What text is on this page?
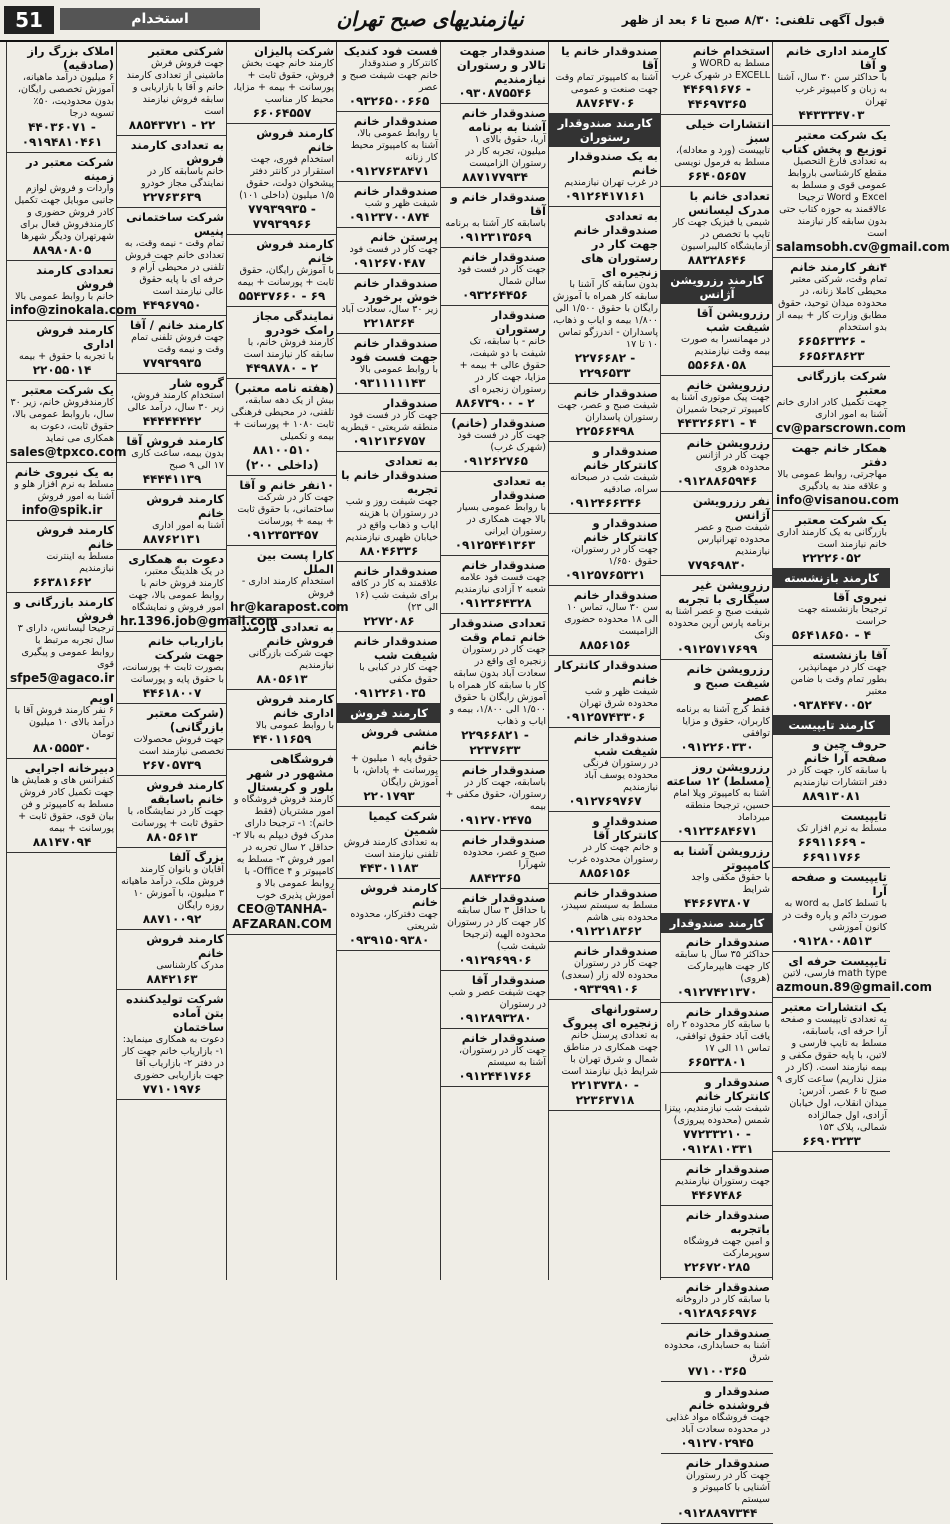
قبول آگهی تلفنی: ۸/۳۰ صبح تا ۶ بعد از ظهر
نیازمندیهای صبح تهران
استخدام
51
کارمند اداری خانم و آقا
با حداکثر سن ۳۰ سال، آشنا به زبان و کامپیوتر غرب تهران
۴۴۳۳۳۴۷۰۳
یک شرکت معتبر توزیع و پخش کتاب
به تعدادی فارغ التحصیل مقطع کارشناسی باروابط عمومی قوی و مسلط به Excel و Word ترجیحا عالاقمند به حوزه کتاب حتی بدون سابقه کار نیازمند است
salamsobh.cv@gmail.com
۴نفر کارمند خانم
تمام وقت، شرکتی معتبر محیطی کاملا زنانه، در محدوده میدان توحید، حقوق مطابق وزارت کار + بیمه از بدو استخدام
۶۶۵۶۳۳۲۶ - ۶۶۵۶۳۸۶۲۳
شرکت بازرگانی معتبر
جهت تکمیل کادر اداری خانم آشنا به امور اداری
cv@parscrown.com
همکار خانم جهت دفتر
مهاجرتی، روابط عمومی بالا و علاقه مند به یادگیری
info@visanou.com
یک شرکت معتبر
بازرگانی به یک کارمند اداری خانم نیازمند است
۲۲۲۲۶۰۵۲
کارمند بازنشسته
نیروی آقا
ترجیحا بازنشسته جهت حراست
۵۶۴۱۸۶۵۰ - ۴
آقا بازنشسته
جهت کار در مهمانپذیر، بطور تمام وقت با ضامن معتبر
۰۹۳۸۴۴۷۰۰۵۲
کارمند تایپیست
حروف چین و صفحه آرا خانم
با سابقه کار، جهت کار در دفتر انتشارات نیازمندیم
۸۸۹۱۳۰۸۱
تایپیست
مسلط به نرم افزار تک
۶۶۹۱۱۶۶۹ - ۶۶۹۱۱۷۶۶
تایپیست و صفحه آرا
با تسلط کامل به word به صورت دائم و پاره وقت در کانون آموزشی
۰۹۱۲۸۰۰۸۵۱۳
تایپیست حرفه ای
math type فارسی، لاتین
azmoun.89@gmail.com
یک انتشارات معتبر
به تعدادی تایپیست و صفحه آرا حرفه ای، باسابقه، مسلط به تایپ فارسی و لاتین، با پایه حقوق مکفی و بیمه نیازمند است. (کار در منزل نداریم) ساعت کاری ۹ صبح تا ۶ عصر. آدرس: میدان انقلاب، اول خیابان آزادی، اول جمالزاده شمالی، پلاک ۱۵۳
۶۶۹۰۳۲۳۳
استخدام خانم
مسلط به WORD و EXCELL در شهرک غرب
۴۴۶۹۱۶۷۶ - ۴۴۶۹۷۳۶۵
انتشارات خیلی سبز
تایپیست (ورد و معادله)، مسلط به فرمول نویسی
۶۶۴۰۵۶۵۷
تعدادی خانم با مدرک لیسانس
شیمی یا فیزیک جهت کار تایپ با تخصص در آزمایشگاه کالیبراسیون
۸۸۳۲۸۶۴۶
کارمند رزرویشن آژانس
رزرویشن آقا شیفت شب
در مهمانسرا به صورت بیمه وقت نیازمندیم
۵۵۶۶۸۰۵۸
رزرویشن خانم
جهت پیک موتوری آشنا به کامپیوتر ترجیحا شمیران
۴۴۳۲۶۶۳۱ - ۴
رزرویشن خانم
جهت کار در آژانس محدوده هروی
۰۹۱۲۸۸۶۵۹۴۶
نفر رزرویشن آژانس
شیفت صبح و عصر محدوده تهرانپارس نیازمندیم
۷۷۹۶۹۸۳۰
رزرویشن غیر سیگاری با تجربه
شیفت صبح و عصر آشنا به برنامه پارس آرین محدوده ونک
۰۹۱۲۵۷۱۷۶۹۹
رزرویشن خانم شیفت صبح و عصر
فقط کرج آشنا به برنامه کاربران، حقوق و مزایا توافقی
۰۹۱۲۲۶۰۳۳۰
رزرویشن روز (مسلط) ۱۲ ساعته
آشنا به کامپیوتر ویلا امام حسین، ترجیحا منطقه میرداماد
۰۹۱۲۳۶۸۴۶۷۱
رزرویشن آشنا به کامپیوتر
با حقوق مکفی واجد شرایط
۴۴۶۶۷۳۸۰۷
کارمند صندوقدار
صندوقدار خانم
حداکثر ۳۵ سال با سابقه کار جهت هایپرمارکت (هروی)
۰۹۱۲۷۴۲۱۳۷۰
صندوقدار خانم
با سابقه کار محدوده ۲ راه یافت آباد حقوق توافقی، تماس ۱۱ الی ۱۷
۶۶۵۳۳۸۰۱
صندوقدار و کانترکار خانم
شیفت شب نیازمندیم، پیتزا شمس (محدوده پیروزی)
۷۷۲۳۳۲۱۰ - ۰۹۱۲۸۱۰۳۳۱
صندوقدار خانم
جهت رستوران نیازمندیم
۴۴۶۷۴۸۶
صندوقدار خانم باتجربه
و امین جهت فروشگاه سوپرمارکت
۲۲۶۷۲۰۲۸۵
صندوقدار خانم
با سابقه کار در داروخانه
۰۹۱۲۸۹۶۶۹۷۶
صندوقدار خانم
آشنا به حسابداری، محدوده شرق
۷۷۱۰۰۳۶۵
صندوقدار و فروشنده خانم
جهت فروشگاه مواد غذایی در محدوده سعادت آباد
۰۹۱۲۷۰۲۹۴۵
صندوقدار خانم
جهت کار در رستوران آشنایی با کامپیوتر و سیستم
۰۹۱۲۸۸۹۷۳۴۴
صندوقدار خانم یا آقا
آشنا به کامپیوتر تمام وقت جهت صنعت و عمومی
۸۸۷۶۴۷۰۶
کارمند صندوقدار رستوران
به یک صندوقدار خانم
در غرب تهران نیازمندیم
۰۹۱۲۶۴۱۷۱۶۱
به تعدادی صندوقدار خانم جهت کار در رستوران های زنجیره ای
بدون سابقه کار آشنا با سابقه کار همراه با آموزش رایگان با حقوق ۱/۵۰۰ الی ۱/۸۰۰ بیمه و ایاب و ذهاب، پاسداران - اندرزگو تماس ۱۰ تا ۱۷
۲۲۷۶۶۸۲ - ۲۲۹۶۵۳۳
صندوقدار خانم
شیفت صبح و عصر، جهت رستوران پاسداران
۲۲۵۶۶۴۹۸
صندوقدار و کانترکار خانم
شیفت شب در صبحانه سراه، صادقیه
۰۹۱۲۴۶۶۳۴۶
صندوقدار و کانترکار خانم
جهت کار در رستوران، حقوق ۱/۶۵۰
۰۹۱۲۵۷۶۵۳۲۱
صندوقدار خانم
سن ۳۰ سال، تماس ۱۰ الی ۱۸ محدوده حضوری الزامیست
۸۸۵۶۱۵۶
صندوقدار کانترکار خانم
شیفت ظهر و شب محدوده شرق تهران
۰۹۱۲۵۷۴۳۳۰۶
صندوقدار خانم شیفت شب
در رستوران فرنگی محدوده یوسف آباد نیازمندیم
۰۹۱۲۷۶۹۷۶۷
صندوقدار و کانترکار آقا
و خانم جهت کار در رستوران محدوده غرب
۸۸۵۶۱۵۶
صندوقدار خانم
مسلط به سیستم سپیدز، محدوده بنی هاشم
۰۹۱۲۲۱۸۳۶۲
صندوقدار خانم
جهت کار در رستوران محدوده لاله زار (سعدی)
۰۹۳۳۹۹۱۰۶
رستورانهای زنجیره ای پیروگ
به تعدادی پرسنل خانم جهت همکاری در مناطق شمال و شرق تهران با شرایط ذیل نیازمند است
۲۲۱۳۷۳۸۰ - ۲۲۳۶۳۷۱۸
صندوقدار جهت تالار و رستوران نیازمندیم
۰۹۳۰۸۷۵۵۴۶
صندوقدار خانم آشنا به برنامه
آریا، حقوق بالای ۱ میلیون، تجربه کار در رستوران الزامیست
۸۸۷۱۷۷۹۳۴
صندوقدار خانم و آقا
باسابقه کار آشنا به برنامه
۰۹۱۲۳۱۳۵۶۹
صندوقدار خانم
جهت کار در فست فود سالن شمال
۰۹۳۲۶۴۴۵۶
صندوقدار رستوران
خانم - با سابقه، تک شیفت با دو شیفت، حقوق عالی + بیمه + مزایا، جهت کار در رستوران زنجیره ای
۸۸۶۷۳۹۰۰ - ۲
صندوقدار (خانم)
جهت کار در فست فود (شهرک غرب)
۰۹۱۲۶۲۷۶۵
به تعدادی صندوقدار
با روابط عمومی بسیار بالا جهت همکاری در رستوران ایرانی
۰۹۱۲۵۴۴۱۳۶۳
صندوقدار خانم
جهت فست فود علامه شعبه ۲ آزادی نیازمندیم
۰۹۱۲۳۶۴۳۲۸
تعدادی صندوقدار خانم تمام وقت
جهت کار در رستوران زنجیره ای واقع در سعادت آباد بدون سابقه کار با سابقه کار همراه با آموزش رایگان با حقوق ۱/۵۰۰ الی ۱/۸۰۰، بیمه و ایاب و ذهاب
۲۲۹۶۶۸۲۱ - ۲۲۳۷۶۳۳
صندوقدار خانم
باسابقه، جهت کار در رستوران، حقوق مکفی + بیمه
۰۹۱۲۷۰۲۴۷۵
صندوقدار خانم
صبح و عصر، محدوده شهرآرا
۸۸۴۲۳۶۵
صندوقدار خانم
با حداقل ۳ سال سابقه کار جهت کار در رستوران محدوده الهیه (ترجیحا شیفت شب)
۰۹۱۲۹۶۹۹۰۶
صندوقدار آقا
جهت شیفت عصر و شب در رستوران
۰۹۱۲۸۹۳۲۸۰
صندوقدار خانم
جهت کار در رستوران، آشنا به سیستم
۰۹۱۲۴۴۱۷۶۶
فست فود کندیک
کانترکار و صندوقدار خانم جهت شیفت صبح و عصر
۰۹۳۲۶۵۰۰۶۶۵
صندوقدار خانم
با روابط عمومی بالا، آشنا به کامپیوتر محیط کار زنانه
۰۹۱۲۷۶۳۸۴۷۱
صندوقدار خانم
شیفت ظهر و شب
۰۹۱۲۳۷۰۰۸۷۴
پرستن خانم
جهت کار در فست فود
۰۹۱۲۶۷۰۴۸۷
صندوقدار خانم خوش برخورد
زیر ۳۰ سال، سعادت آباد
۲۲۱۸۳۶۴
صندوقدار خانم جهت فست فود
با روابط عمومی بالا
۰۹۳۱۱۱۱۱۴۳
صندوقدار
جهت کار در فست فود منطقه شریعتی - قیطریه
۰۹۱۲۱۳۶۷۵۷
به تعدادی صندوقدار خانم با تجربه
جهت شیفت روز و شب در رستوران با هزینه ایاب و ذهاب واقع در خیابان ظهیری نیازمندیم
۸۸۰۴۶۳۳۶
صندوقدار خانم
علاقمند به کار در کافه برای شیفت شب (۱۶ الی ۲۳)
۲۲۷۲۰۸۶
صندوقدار خانم شیفت شب
جهت کار در کبابی با حقوق مکفی
۰۹۱۲۲۶۱۰۳۵
کارمند فروش
منشی فروش خانم
حقوق پایه ۱ میلیون + پورسانت + پاداش، با آموزش رایگان
۲۲۰۱۷۹۳
شرکت کیمیا شمین
به تعدادی کارمند فروش تلفنی نیازمند است
۴۴۳۰۱۱۸۳
کارمند فروش خانم
جهت دفترکار، محدوده شریعتی
۰۹۳۹۱۵۰۹۳۸۰
شرکت پالیزان
کارمند خانم جهت بخش فروش، حقوق ثابت + پورسانت + بیمه + مزایا، محیط کار مناسب
۶۶۰۶۴۵۵۷
کارمند فروش خانم
استخدام فوری، جهت استقرار در کانتر دفتر پیشخوان دولت، حقوق ۱/۵ میلیون (داخلی ۱۰۱)
۷۷۹۳۹۹۳۵ - ۷۷۹۳۹۹۶۶
کارمند فروش خانم
با آموزش رایگان، حقوق ثابت + پورسانت + بیمه
۵۵۴۳۷۶۶۰ - ۶۹
نمایندگی مجاز رامک خودرو
کارمند فروش خانم، با سابقه کار نیازمند است
۴۴۹۸۷۸۰ - ۲
(هفته نامه معتبر)
بیش از یک دهه سابقه، تلفنی، در محیطی فرهنگی ثابت ۱۰۸۰ + پورسانت + بیمه و تکمیلی
۸۸۱۰۰۵۱۰ (داخلی ۲۰۰)
۱۰نفر خانم و آقا
جهت کار در شرکت ساختمانی، با حقوق ثابت + بیمه + پورسانت
۰۹۱۲۳۵۳۴۵۷
کارا پست بین الملل
استخدام کارمند اداری - فروش
hr@karapost.com
به تعدادی کارمند فروش خانم
جهت شرکت بازرگانی نیازمندیم
۸۸۰۵۶۱۳
کارمند فروش اداری خانم
با روابط عمومی بالا
۴۴۰۱۱۶۵۹
فروشگاهی مشهور در شهر بلور و کریستال
کارمند فروش فروشگاه و امور مشتریان (فقط خانم): ۱- ترجیحا دارای مدرک فوق دیپلم به بالا ۲- حداقل ۲ سال تجربه در امور فروش ۳- مسلط به کامپیوتر و Office ۴- با روابط عمومی بالا و آموزش پذیری خوب
CEO@TANHA-AFZARAN.COM
شرکتی معتبر
جهت فروش فرش ماشینی از تعدادی کارمند خانم و آقا با بازاریابی و سابقه فروش نیازمند است
۸۸۵۴۳۷۲۱ - ۲۲
به تعدادی کارمند فروش
خانم باسابقه کار در نمایندگی مجاز خودرو
۲۲۷۶۳۶۳۹
شرکت ساختمانی پنیس
تمام وقت - نیمه وقت، به تعدادی خانم جهت فروش تلفنی در محیطی آرام و حرفه ای با پایه حقوق عالی نیازمند است
۴۴۹۶۷۹۵۰
کارمند خانم / آقا
جهت فروش تلفنی تمام وقت و نیمه وقت
۷۷۹۳۹۹۳۵
گروه شار
استخدام کارمند فروش، زیر ۳۰ سال، درآمد عالی
۴۴۴۴۴۴۴۲
کارمند فروش آقا
بدون بیمه، ساعت کاری ۱۷ الی ۹ صبح
۴۴۴۴۱۱۳۹
کارمند فروش خانم
آشنا به امور اداری
۸۸۷۶۲۱۳۱
دعوت به همکاری
در یک هلدینگ معتبر، کارمند فروش خانم با روابط عمومی بالا، جهت امور فروش و نمایشگاه
hr.1396.job@gmail.com
بازاریاب خانم جهت شرکت
بصورت ثابت + پورسانت، با حقوق پایه و پورسانت
۴۴۶۱۸۰۰۷
(شرکت معتبر بازرگانی)
جهت فروش محصولات تخصصی نیازمند است
۲۶۷۰۵۷۳۹
کارمند فروش خانم باسابقه
جهت کار در نمایشگاه، با حقوق ثابت + پورسانت
۸۸۰۵۶۱۳
بزرگ آلفا
آقایان و بانوان کارمند فروش ملک، درآمد ماهیانه ۳ میلیون، با آموزش ۱۰ روزه رایگان
۸۸۷۱۰۰۹۲
کارمند فروش خانم
مدرک کارشناسی
۸۸۴۲۱۶۳
شرکت تولیدکننده بتن آماده ساختمان
دعوت به همکاری مینماید: ۱- بازاریاب خانم جهت کار در دفتر ۲- بازاریاب آقا جهت بازاریابی حضوری
۷۷۱۰۱۹۷۶
املاک بزرگ راز (صادقیه)
۶ میلیون درآمد ماهیانه، آموزش تخصصی رایگان، بدون محدودیت، ۵۰٪ تسویه درجا
۴۴۰۳۶۰۷۱ - ۰۹۱۹۴۸۱۰۴۶۱
شرکت معتبر در زمینه
واردات و فروش لوازم جانبی موبایل جهت تکمیل کادر فروش حضوری و کارمندفروش فعال برای شهرتهران ودیگر شهرها
۸۸۹۸۰۸۰۵
تعدادی کارمند فروش
خانم با روابط عمومی بالا
info@zinokala.com
کارمند فروش اداری
با تجربه با حقوق + بیمه
۲۲۰۵۵۰۱۴
یک شرکت معتبر
کارمندفروش خانم، زیر ۳۰ سال، باروابط عمومی بالا، حقوق ثابت، دعوت به همکاری می نماید
sales@tpxco.com
به یک نیروی خانم
مسلط به نرم افزار هلو و آشنا به امور فروش
info@spik.ir
کارمند فروش خانم
مسلط به اینترنت نیازمندیم
۶۶۳۸۱۶۶۲
کارمند بازرگانی و فروش
ترجیحا لیسانس، دارای ۳ سال تجربه مرتبط با روابط عمومی و پیگیری قوی
sfpe5@agaco.ir
اویم
۶ نفر کارمند فروش آقا با درآمد بالای ۱۰ میلیون تومان
۸۸۰۵۵۵۳۰
دبیرخانه اجرایی
کنفرانس های و همایش ها جهت تکمیل کادر فروش مسلط به کامپیوتر و فن بیان قوی، حقوق ثابت + پورسانت + بیمه
۸۸۱۴۷۰۹۴
